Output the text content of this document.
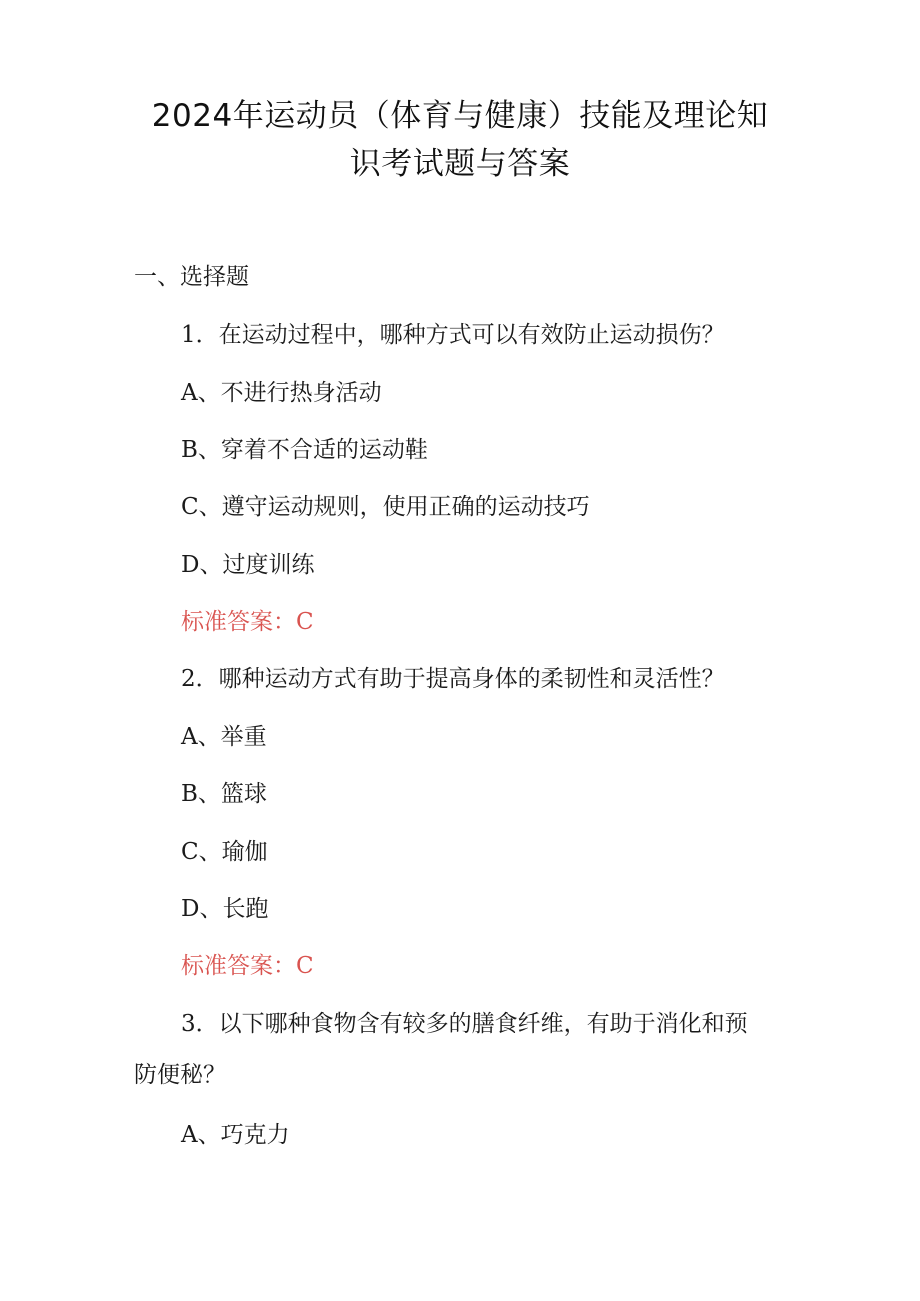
2024年运动员（体育与健康）技能及理论知
识考试题与答案
一、选择题
1．在运动过程中，哪种方式可以有效防止运动损伤？
A、不进行热身活动
B、穿着不合适的运动鞋
C、遵守运动规则，使用正确的运动技巧
D、过度训练
标准答案：C
2．哪种运动方式有助于提高身体的柔韧性和灵活性？
A、举重
B、篮球
C、瑜伽
D、长跑
标准答案：C
3．以下哪种食物含有较多的膳食纤维，有助于消化和预
防便秘？
A、巧克力
